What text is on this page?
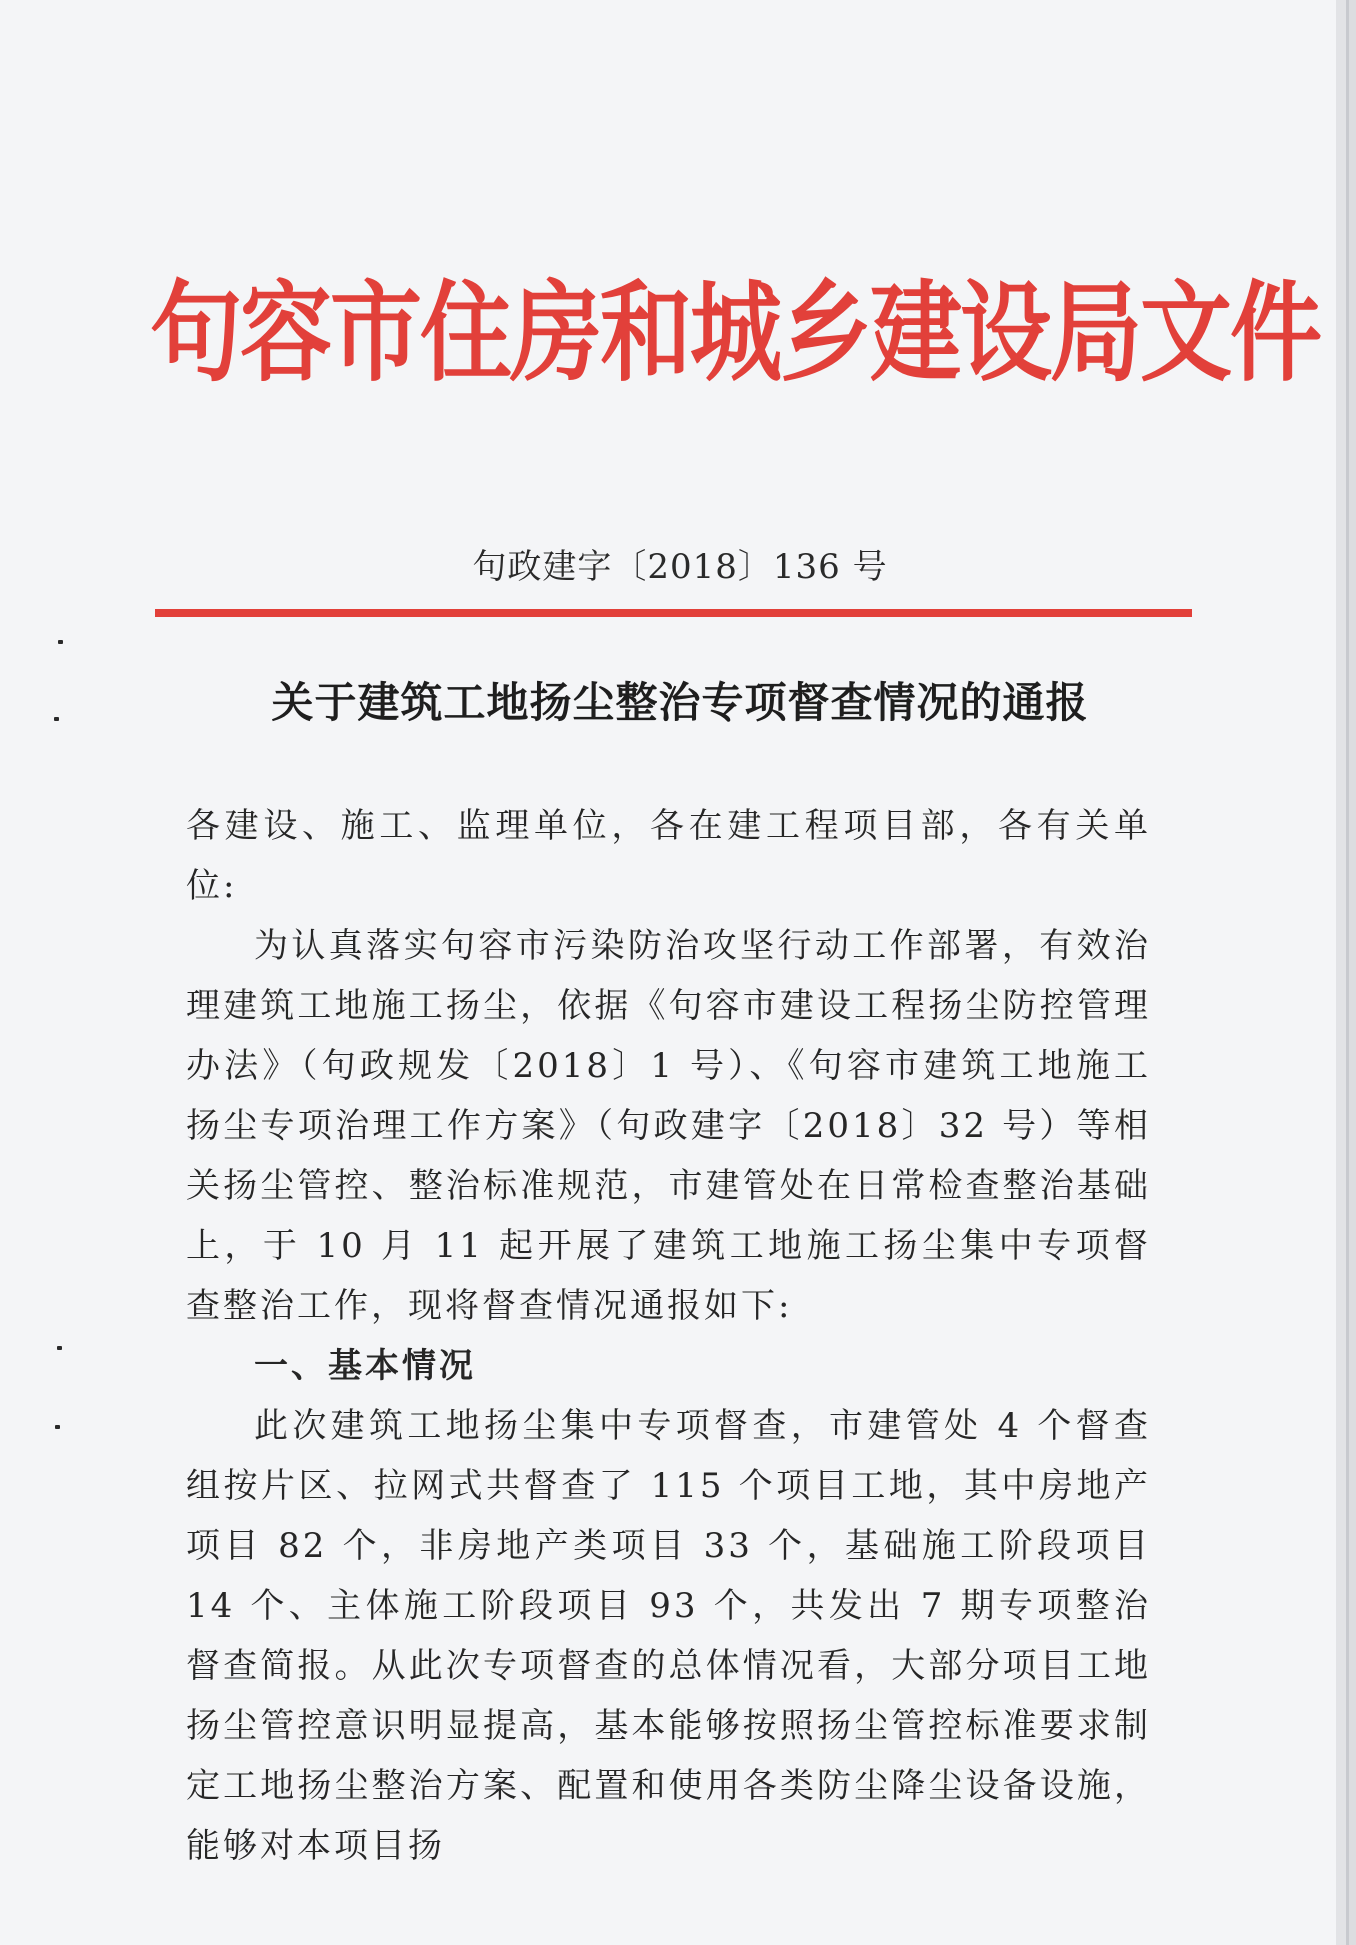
句容市住房和城乡建设局文件
句政建字〔2018〕136 号
关于建筑工地扬尘整治专项督查情况的通报

各建设、施工、监理单位，各在建工程项目部，各有关单位:

为认真落实句容市污染防治攻坚行动工作部署，有效治理建筑工地施工扬尘，依据《句容市建设工程扬尘防控管理办法》（句政规发〔2018〕1 号）、《句容市建筑工地施工扬尘专项治理工作方案》（句政建字〔2018〕32 号）等相关扬尘管控、整治标准规范，市建管处在日常检查整治基础上，于 10 月 11 起开展了建筑工地施工扬尘集中专项督查整治工作，现将督查情况通报如下:

一、基本情况

此次建筑工地扬尘集中专项督查，市建管处 4 个督查组按片区、拉网式共督查了 115 个项目工地，其中房地产项目 82 个，非房地产类项目 33 个，基础施工阶段项目 14 个、主体施工阶段项目 93 个，共发出 7 期专项整治督查简报。从此次专项督查的总体情况看，大部分项目工地扬尘管控意识明显提高，基本能够按照扬尘管控标准要求制定工地扬尘整治方案、配置和使用各类防尘降尘设备设施，能够对本项目扬
